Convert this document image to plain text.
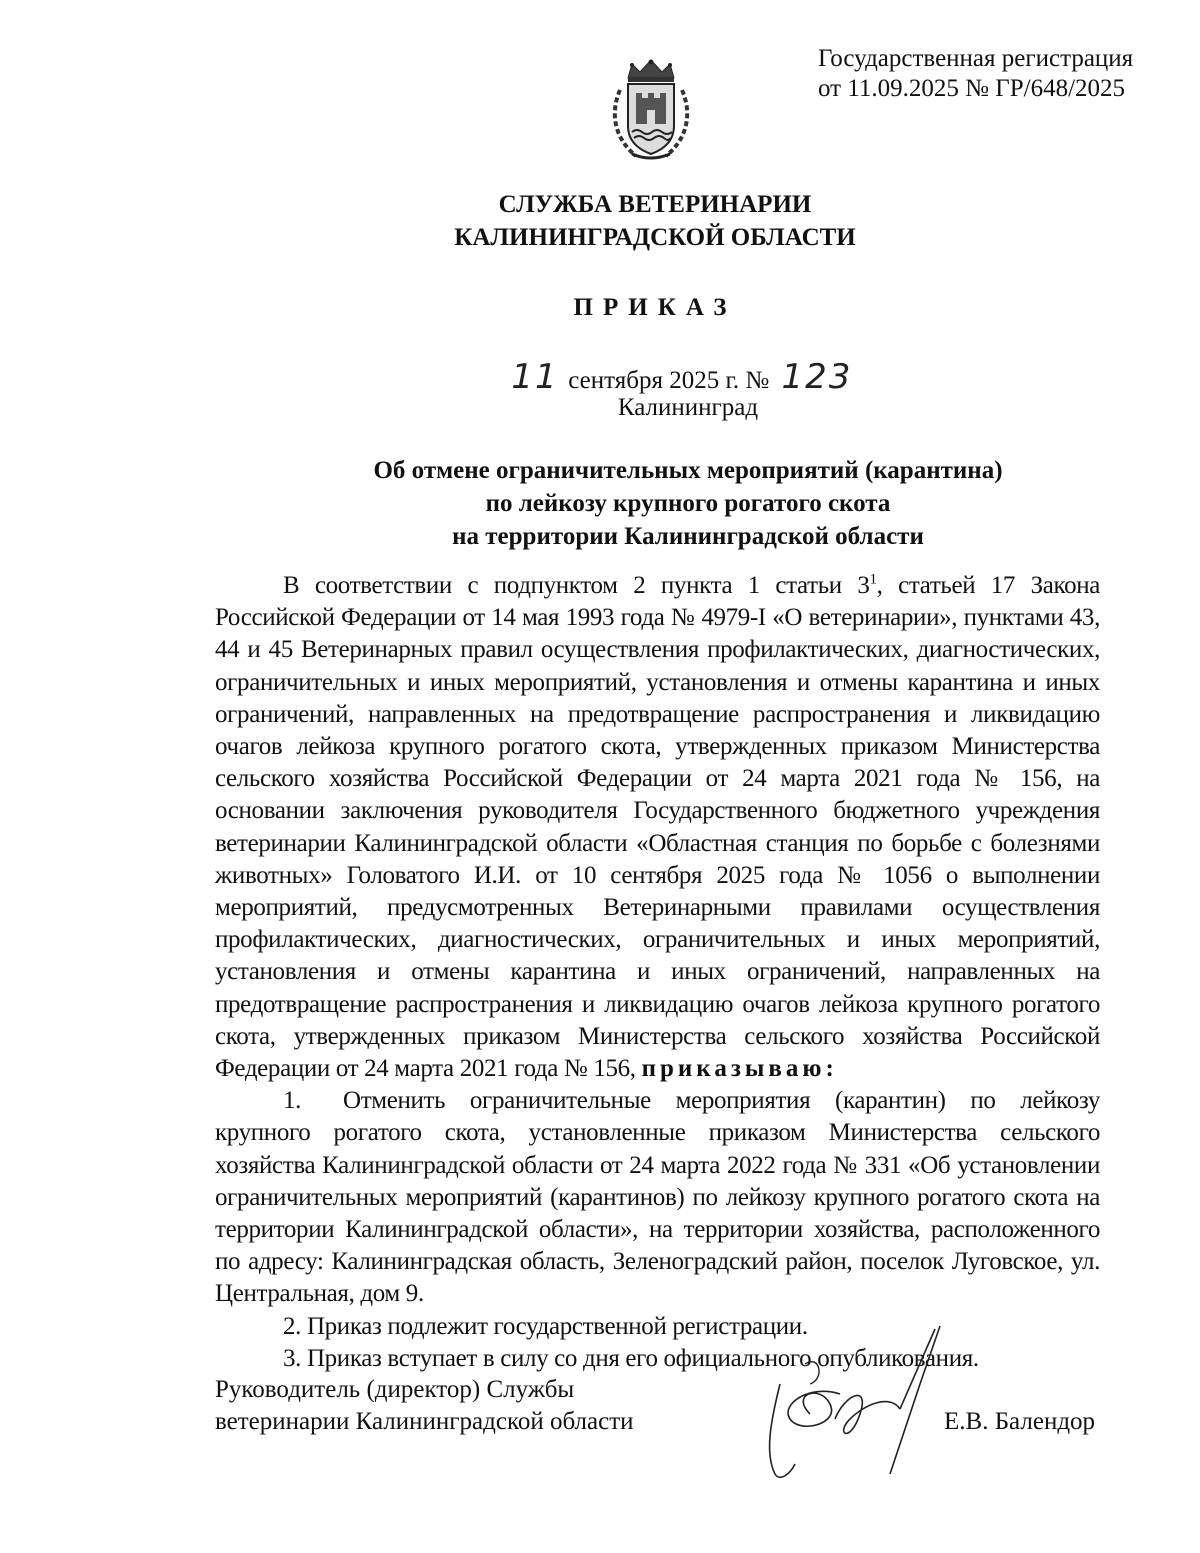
Государственная регистрация
от 11.09.2025 № ГР/648/2025
СЛУЖБА ВЕТЕРИНАРИИ
КАЛИНИНГРАДСКОЙ ОБЛАСТИ
ПРИКАЗ
11 сентября 2025 г. № 123
Калининград
Об отмене ограничительных мероприятий (карантина)
по лейкозу крупного рогатого скота
на территории Калининградской области

В соответствии с подпунктом 2 пункта 1 статьи $3^1$, статьей 17 Закона Российской Федерации от 14 мая 1993 года № 4979-I «О ветеринарии», пунктами 43, 44 и 45 Ветеринарных правил осуществления профилактических, диагностических, ограничительных и иных мероприятий, установления и отмены карантина и иных ограничений, направленных на предотвращение распространения и ликвидацию очагов лейкоза крупного рогатого скота, утвержденных приказом Министерства сельского хозяйства Российской Федерации от 24 марта 2021 года № 156, на основании заключения руководителя Государственного бюджетного учреждения ветеринарии Калининградской области «Областная станция по борьбе с болезнями животных» Головатого И.И. от 10 сентября 2025 года № 1056 о выполнении мероприятий, предусмотренных Ветеринарными правилами осуществления профилактических, диагностических, ограничительных и иных мероприятий, установления и отмены карантина и иных ограничений, направленных на предотвращение распространения и ликвидацию очагов лейкоза крупного рогатого скота, утвержденных приказом Министерства сельского хозяйства Российской Федерации от 24 марта 2021 года № 156, приказываю:

1. Отменить ограничительные мероприятия (карантин) по лейкозу крупного рогатого скота, установленные приказом Министерства сельского хозяйства Калининградской области от 24 марта 2022 года № 331 «Об установлении ограничительных мероприятий (карантинов) по лейкозу крупного рогатого скота на территории Калининградской области», на территории хозяйства, расположенного по адресу: Калининградская область, Зеленоградский район, поселок Луговское, ул. Центральная, дом 9.

2. Приказ подлежит государственной регистрации.

3. Приказ вступает в силу со дня его официального опубликования.

Руководитель (директор) Службы
ветеринарии Калининградской области	Е.В. Балендор
